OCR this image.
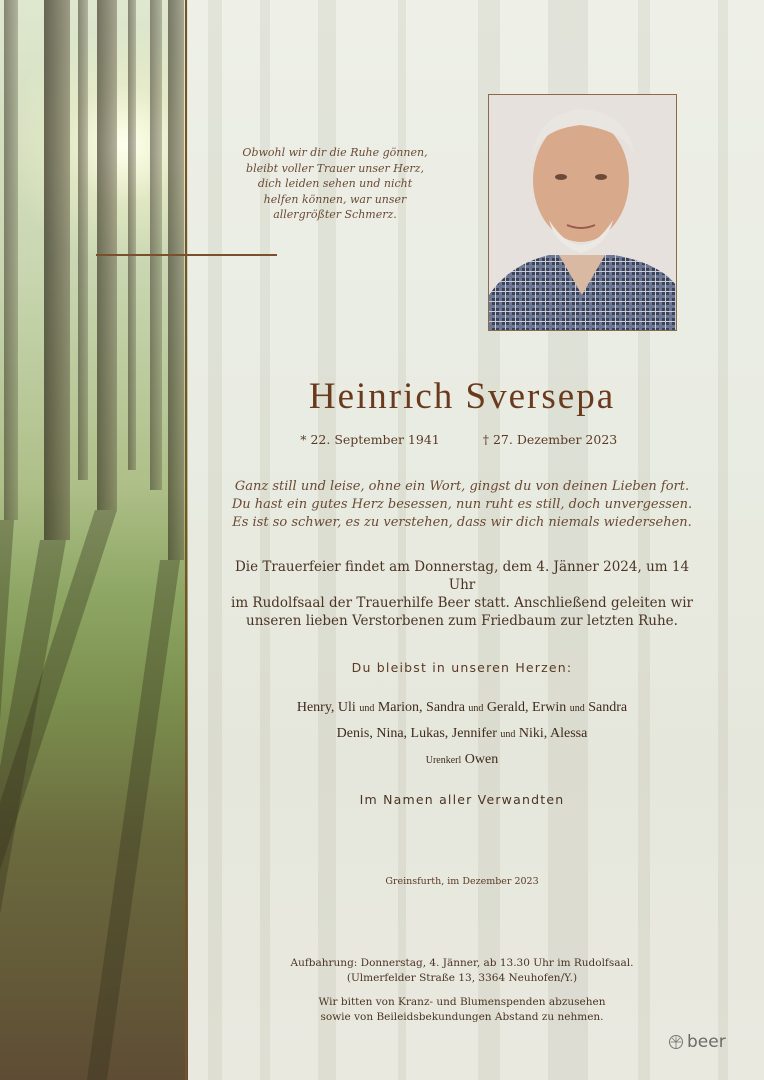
Obwohl wir dir die Ruhe gönnen,
bleibt voller Trauer unser Herz,
dich leiden sehen und nicht
helfen können, war unser
allergrößter Schmerz.
Heinrich Sversepa
* 22. September 1941	† 27. Dezember 2023
Ganz still und leise, ohne ein Wort, gingst du von deinen Lieben fort.
Du hast ein gutes Herz besessen, nun ruht es still, doch unvergessen.
Es ist so schwer, es zu verstehen, dass wir dich niemals wiedersehen.
Die Trauerfeier findet am Donnerstag, dem 4. Jänner 2024, um 14 Uhr
im Rudolfsaal der Trauerhilfe Beer statt. Anschließend geleiten wir
unseren lieben Verstorbenen zum Friedbaum zur letzten Ruhe.
Du bleibst in unseren Herzen:
Henry, Uli und Marion, Sandra und Gerald, Erwin und Sandra
Denis, Nina, Lukas, Jennifer und Niki, Alessa
Urenkerl Owen
Im Namen aller Verwandten
Greinsfurth, im Dezember 2023
Aufbahrung: Donnerstag, 4. Jänner, ab 13.30 Uhr im Rudolfsaal.
(Ulmerfelder Straße 13, 3364 Neuhofen/Y.)
Wir bitten von Kranz- und Blumenspenden abzusehen
sowie von Beileidsbekundungen Abstand zu nehmen.
beer
